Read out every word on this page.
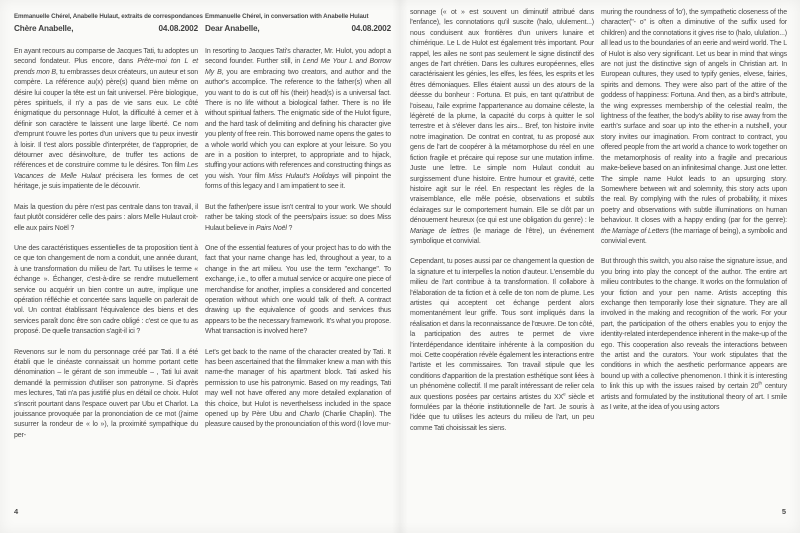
Emmanuelle Chérel, Anabelle Hulaut, extraits de correspondances
Chère Anabelle,	04.08.2002

En ayant recours au comparse de Jacques Tati, tu adoptes un second fondateur. Plus encore, dans Prête-moi ton L et prends mon B, tu embrasses deux créateurs, un auteur et son compère. La référence au(x) père(s) quand bien même on désire lui couper la tête est un fait universel. Père biologique, pères spirituels, il n'y a pas de vie sans eux. Le côté énigmatique du personnage Hulot, la difficulté à cerner et à définir son caractère te laissent une large liberté. Ce nom d'emprunt t'ouvre les portes d'un univers que tu peux investir à loisir. Il t'est alors possible d'interpréter, de t'approprier, de détourner avec désinvolture, de truffer tes actions de références et de construire comme tu le désires. Ton film Les Vacances de Melle Hulaut précisera les formes de cet héritage, je suis impatiente de le découvrir.

Mais la question du père n'est pas centrale dans ton travail, il faut plutôt considérer celle des pairs : alors Melle Hulaut croit-elle aux pairs Noël ?

Une des caractéristiques essentielles de ta proposition tient à ce que ton changement de nom a conduit, une année durant, à une transformation du milieu de l'art. Tu utilises le terme « échange ». Échanger, c'est-à-dire se rendre mutuellement service ou acquérir un bien contre un autre, implique une opération réfléchie et concertée sans laquelle on parlerait de vol. Un contrat établissant l'équivalence des biens et des services paraît donc être son cadre obligé : c'est ce que tu as proposé. De quelle transaction s'agit-il ici ?

Revenons sur le nom du personnage créé par Tati. Il a été établi que le cinéaste connaissait un homme portant cette dénomination – le gérant de son immeuble – , Tati lui avait demandé la permission d'utiliser son patronyme. Si d'après mes lectures, Tati n'a pas justifié plus en détail ce choix. Hulot s'inscrit pourtant dans l'espace ouvert par Ubu et Charlot. La jouissance provoquée par la prononciation de ce mot (j'aime susurrer la rondeur de « lo »), la proximité sympathique du per-

Emmanuelle Chérel, in conversation with Anabelle Hulaut
Dear Anabelle,	04.08.2002

In resorting to Jacques Tati's character, Mr. Hulot, you adopt a second founder. Further still, in Lend Me Your L and Borrow My B, you are embracing two creators, and author and the author's accomplice. The reference to the father(s) when all you want to do is cut off his (their) head(s) is a universal fact. There is no life without a biological father. There is no life without spiritual fathers. The enigmatic side of the Hulot figure, and the hard task of delimiting and defining his character give you plenty of free rein. This borrowed name opens the gates to a whole world which you can explore at your leisure. So you are in a position to interpret, to appropriate and to hijack, stuffing your actions with references and constructing things as you wish. Your film Miss Hulaut's Holidays will pinpoint the forms of this legacy and I am impatient to see it.

But the father/pere issue isn't central to your work. We should rather be taking stock of the peers/pairs issue: so does Miss Hulaut believe in Pairs Noël ?

One of the essential features of your project has to do with the fact that your name change has led, throughout a year, to a change in the art milieu. You use the term "exchange". To exchange, i.e., to offer a mutual service or acquire one piece of merchandise for another, implies a considered and concerted operation without which one would talk of theft. A contract drawing up the equivalence of goods and services thus appears to be the necessary framework. It's what you propose. What transaction is involved here?

Let's get back to the name of the character created by Tati. It has been ascertained that the filmmaker knew a man with this name-the manager of his apartment block. Tati asked his permission to use his patronymic. Based on my readings, Tati may well not have offered any more detailed explanation of this choice, but Hulot is neverthelsess included in the space opened up by Père Ubu and Charlo (Charlie Chaplin). The pleasure caused by the pronounciation of this word (I love mur-

4

sonnage (« ot » est souvent un diminutif attribué dans l'enfance), les connotations qu'il suscite (halo, ululement...) nous conduisent aux frontières d'un univers lunaire et chimérique. Le L de Hulot est également très important. Pour rappel, les ailes ne sont pas seulement le signe distinctif des anges de l'art chrétien. Dans les cultures européennes, elles caractérisaient les génies, les elfes, les fées, les esprits et les êtres démoniaques. Elles étaient aussi un des atours de la déesse du bonheur : Fortuna. Et puis, en tant qu'attribut de l'oiseau, l'aile exprime l'appartenance au domaine céleste, la légèreté de la plume, la capacité du corps à quitter le sol terrestre et à s'élever dans les airs... Bref, ton histoire invite notre imagination. De contrat en contrat, tu as proposé aux gens de l'art de coopérer à la métamorphose du réel en une fiction fragile et précaire qui repose sur une mutation infime. Juste une lettre. Le simple nom Hulaut conduit au surgissement d'une histoire. Entre humour et gravité, cette histoire agit sur le réel. En respectant les règles de la vraisemblance, elle mêle poésie, observations et subtils éclairages sur le comportement humain. Elle se clôt par un dénouement heureux (ce qui est une obligation du genre) : le Mariage de lettres (le mariage de l'être), un événement symbolique et convivial.

Cependant, tu poses aussi par ce changement la question de la signature et tu interpelles la notion d'auteur. L'ensemble du milieu de l'art contribue à ta transformation. Il collabore à l'élaboration de ta fiction et à celle de ton nom de plume. Les artistes qui acceptent cet échange perdent alors momentanément leur griffe. Tous sont impliqués dans la réalisation et dans la reconnaissance de l'œuvre. De ton côté, la participation des autres te permet de vivre l'interdépendance identitaire inhérente à la composition du moi. Cette coopération révèle également les interactions entre l'artiste et les commissaires. Ton travail stipule que les conditions d'apparition de la prestation esthétique sont liées à un phénomène collectif. Il me paraît intéressant de relier cela aux questions posées par certains artistes du XXe siècle et formulées par la théorie institutionnelle de l'art. Je souris à l'idée que tu utilises les acteurs du milieu de l'art, un peu comme Tati choisissait les siens.

muring the roundness of 'lo'), the sympathetic closeness of the character("- o" is often a diminutive of the suffix used for children) and the connotations it gives rise to (halo, ululation...) all lead us to the boundaries of an eerie and weird world. The L of Hulot is also very significant. Let us bear in mind that wings are not just the distinctive sign of angels in Christian art. In European cultures, they used to typify genies, elvese, fairies, spirits and demons. They were also part of the attire of the goddess of happiness: Fortuna. And then, as a bird's attribute, the wing expresses membership of the celestial realm, the lightness of the feather, the body's ability to rise away from the earth's surface and soar up into the ether-in a nutshell, your story invites our imagination. From contract to contract, you offered people from the art world a chance to work together on the metamorphosis of reality into a fragile and precarious make-believe based on an infinitesimal change. Just one letter. The simple name Hulot leads to an upsurging story. Somewhere between wit and solemnity, this story acts upon the real. By complying with the rules of probability, it mixes poetry and observations with subtle illuminations on human behaviour. It closes with a happy ending (par for the genre): the Marriage of Letters (the marriage of being), a symbolic and convivial event.

But through this switch, you also raise the signature issue, and you bring into play the concept of the author. The entire art milieu contributes to the change. It works on the formulation of your fiction and your pen name. Artists accepting this exchange then temporarily lose their signature. They are all involved in the making and recognition of the work. For your part, the participation of the others enables you to enjoy the identity-related interdependence inherent in the make-up of the ego. This cooperation also reveals the interactions between the artist and the curators. Your work stipulates that the conditions in which the aesthetic performance appears are bound up with a collective phenomenon. I think it is interesting to link this up with the issues raised by certain 20th century artists and formulated by the institutional theory of art. I smile as I write, at the idea of you using actors

5
